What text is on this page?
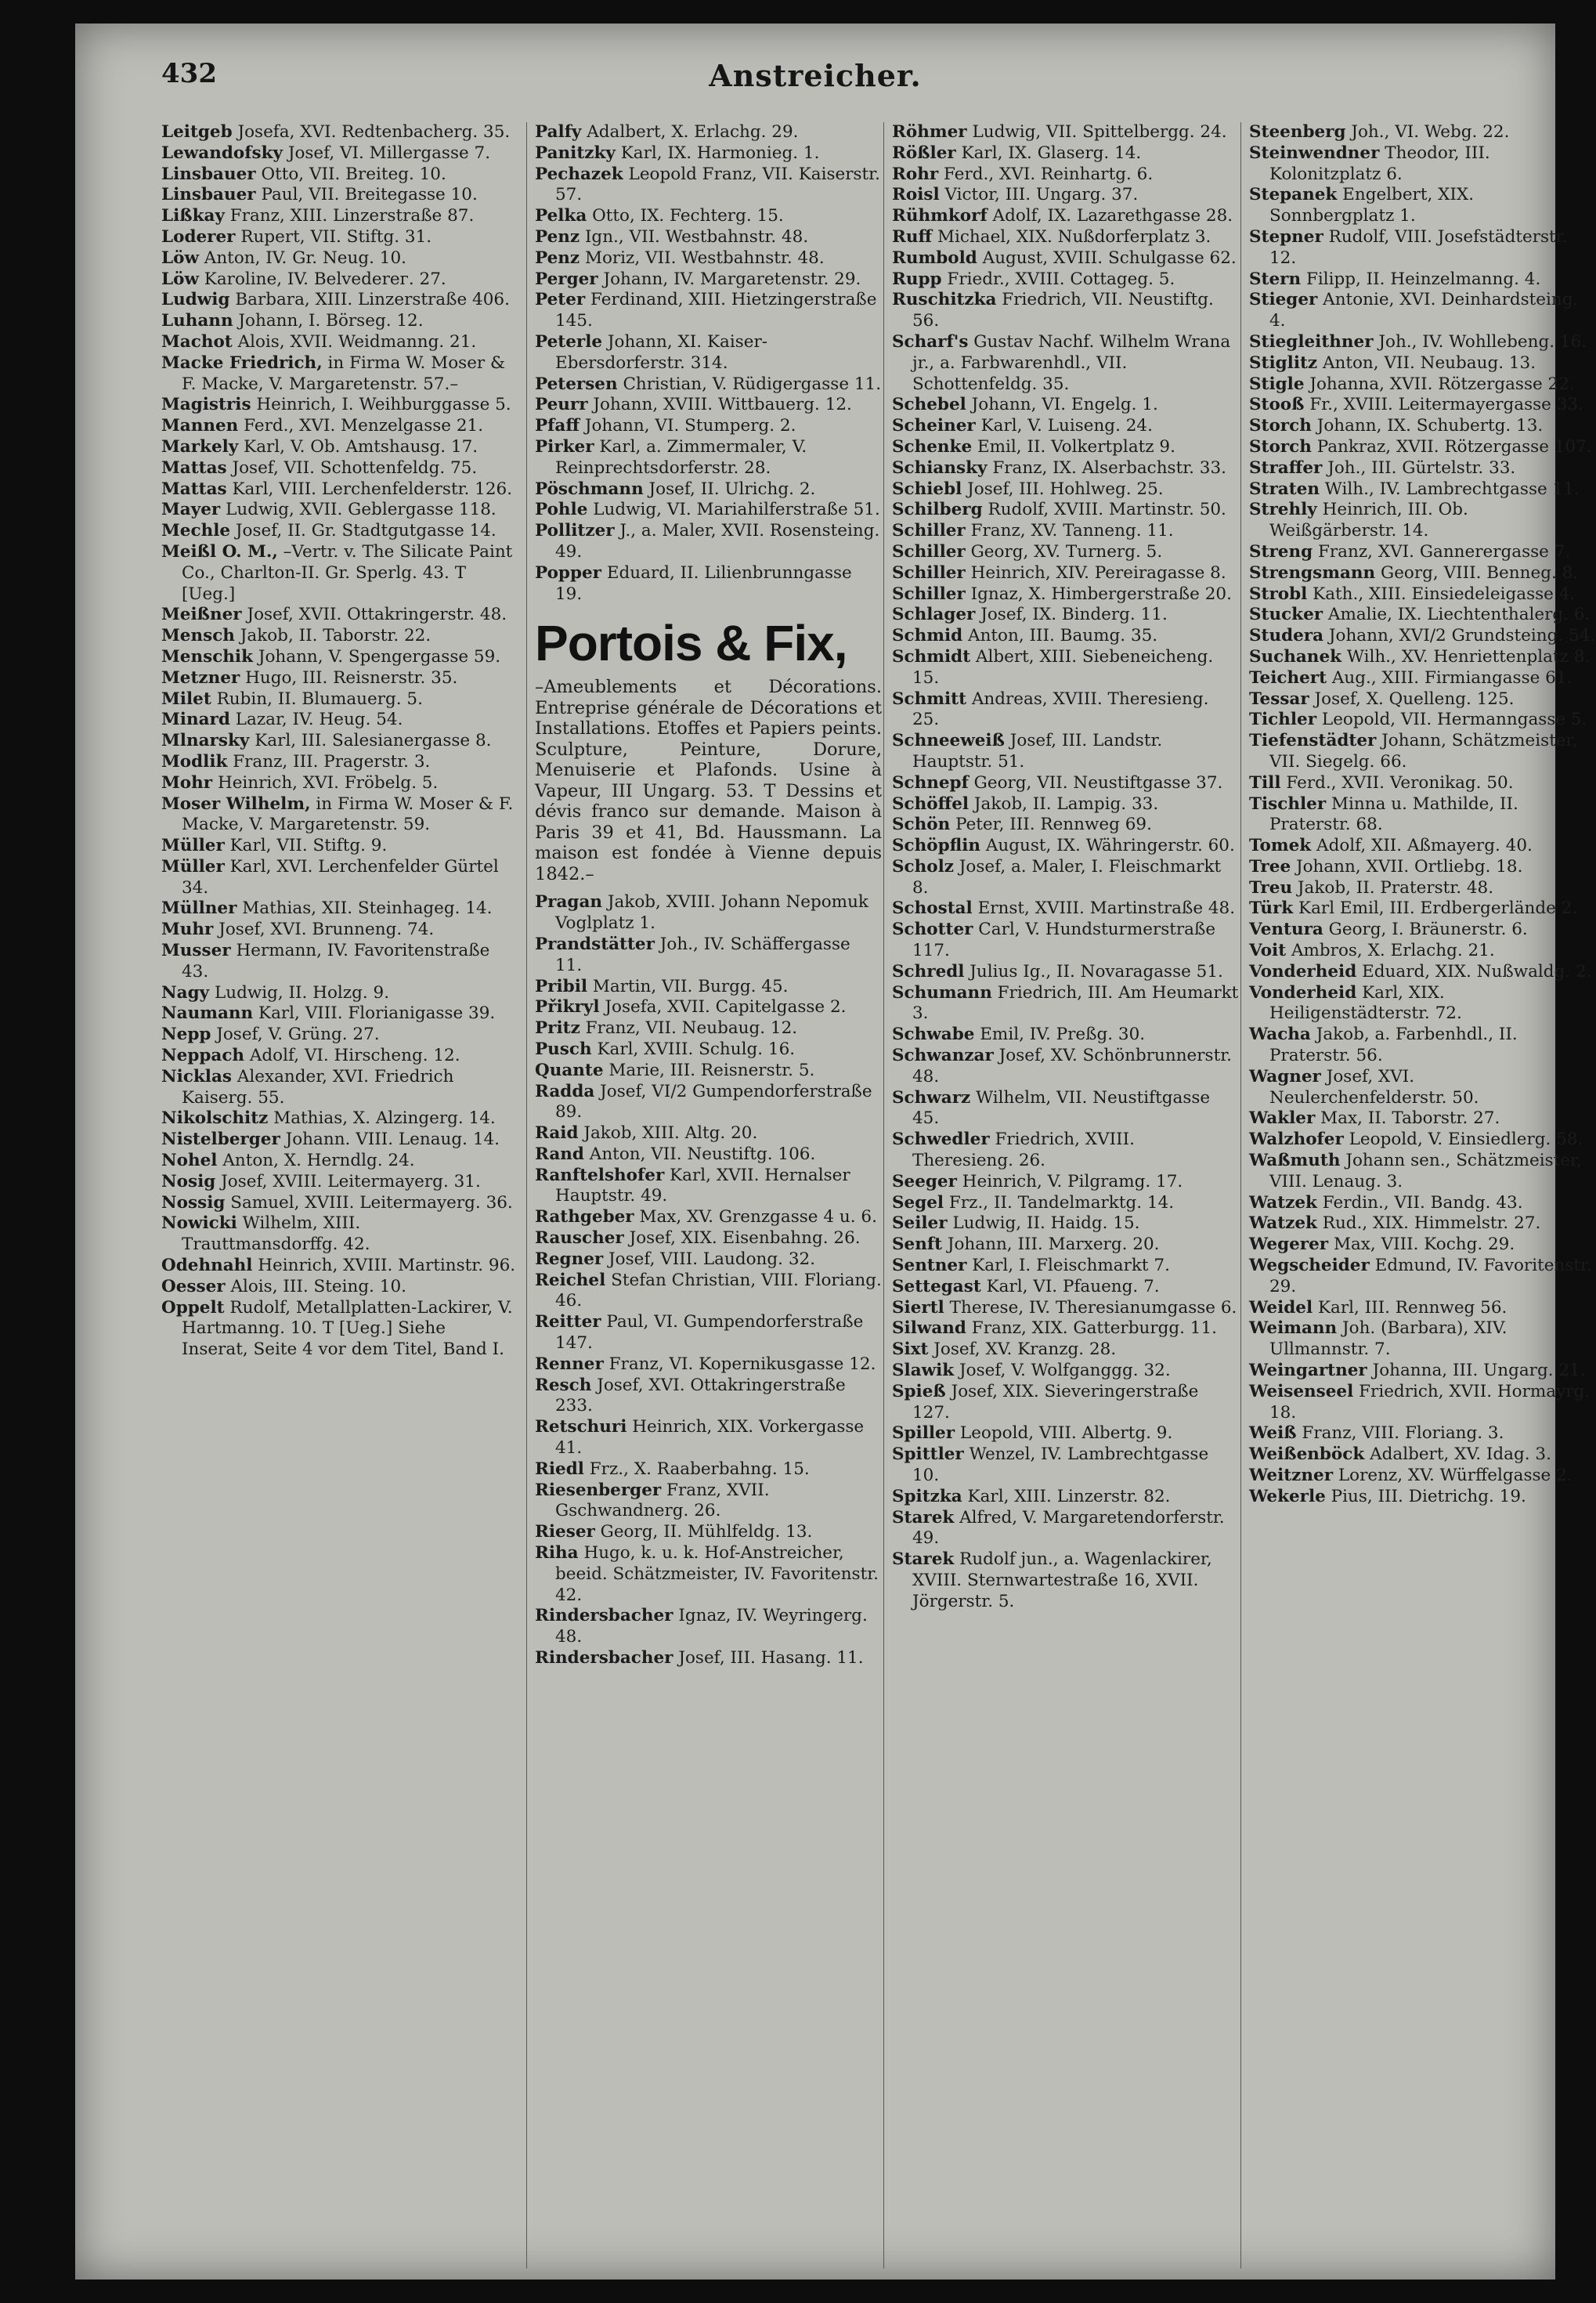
432	Anstreicher.
Leitgeb Josefa, XVI. Redtenbacherg. 35.
Lewandofsky Josef, VI. Millergasse 7.
Linsbauer Otto, VII. Breiteg. 10.
Linsbauer Paul, VII. Breitegasse 10.
Lißkay Franz, XIII. Linzerstraße 87.
Loderer Rupert, VII. Stiftg. 31.
Löw Anton, IV. Gr. Neug. 10.
Löw Karoline, IV. Belvederег. 27.
Ludwig Barbara, XIII. Linzerstraße 406.
Luhann Johann, I. Börseg. 12.
Machot Alois, XVII. Weidmanng. 21.
Macke Friedrich, in Firma W. Moser & F. Macke, V. Margaretenstr. 57.–
Magistris Heinrich, I. Weihburggasse 5.
Mannen Ferd., XVI. Menzelgasse 21.
Markely Karl, V. Ob. Amtshausg. 17.
Mattas Josef, VII. Schottenfeldg. 75.
Mattas Karl, VIII. Lerchenfelderstr. 126.
Mayer Ludwig, XVII. Geblergasse 118.
Mechle Josef, II. Gr. Stadtgutgasse 14.
Meißl O. M., –Vertr. v. The Silicate Paint Co., Charlton-II. Gr. Sperlg. 43. T [Ueg.]
Meißner Josef, XVII. Ottakringerstr. 48.
Mensch Jakob, II. Taborstr. 22.
Menschik Johann, V. Spengergasse 59.
Metzner Hugo, III. Reisnerstr. 35.
Milet Rubin, II. Blumauerg. 5.
Minard Lazar, IV. Heug. 54.
Mlnarsky Karl, III. Salesianergasse 8.
Modlik Franz, III. Pragerstr. 3.
Mohr Heinrich, XVI. Fröbelg. 5.
Moser Wilhelm, in Firma W. Moser & F. Macke, V. Margaretenstr. 59.
Müller Karl, VII. Stiftg. 9.
Müller Karl, XVI. Lerchenfelder Gürtel 34.
Müllner Mathias, XII. Steinhageg. 14.
Muhr Josef, XVI. Brunneng. 74.
Musser Hermann, IV. Favoritenstraße 43.
Nagy Ludwig, II. Holzg. 9.
Naumann Karl, VIII. Florianigasse 39.
Nepp Josef, V. Grüng. 27.
Neppach Adolf, VI. Hirscheng. 12.
Nicklas Alexander, XVI. Friedrich Kaiserg. 55.
Nikolschitz Mathias, X. Alzingerg. 14.
Nistelberger Johann. VIII. Lenaug. 14.
Nohel Anton, X. Herndlg. 24.
Nosig Josef, XVIII. Leitermayerg. 31.
Nossig Samuel, XVIII. Leitermayerg. 36.
Nowicki Wilhelm, XIII. Trauttmansdorffg. 42.
Odehnahl Heinrich, XVIII. Martinstr. 96.
Oesser Alois, III. Steing. 10.
Oppelt Rudolf, Metallplatten-Lackirer, V. Hartmanng. 10. T [Ueg.] Siehe Inserat, Seite 4 vor dem Titel, Band I.
Palfy Adalbert, X. Erlachg. 29.
Panitzky Karl, IX. Harmonieg. 1.
Pechazek Leopold Franz, VII. Kaiserstr. 57.
Pelka Otto, IX. Fechterg. 15.
Penz Ign., VII. Westbahnstr. 48.
Penz Moriz, VII. Westbahnstr. 48.
Perger Johann, IV. Margaretenstr. 29.
Peter Ferdinand, XIII. Hietzingerstraße 145.
Peterle Johann, XI. Kaiser-Ebersdorferstr. 314.
Petersen Christian, V. Rüdigergasse 11.
Peurr Johann, XVIII. Wittbauerg. 12.
Pfaff Johann, VI. Stumperg. 2.
Pirker Karl, a. Zimmermaler, V. Reinprechtsdorferstr. 28.
Pöschmann Josef, II. Ulrichg. 2.
Pohle Ludwig, VI. Mariahilferstraße 51.
Pollitzer J., a. Maler, XVII. Rosensteing. 49.
Popper Eduard, II. Lilienbrunngasse 19.
Portois & Fix,
–Ameublements et Décorations. Entreprise générale de Décorations et Installations. Etoffes et Papiers peints. Sculpture, Peinture, Dorure, Menuiserie et Plafonds. Usine à Vapeur, III Ungarg. 53. T Dessins et dévis franco sur demande. Maison à Paris 39 et 41, Bd. Haussmann. La maison est fondée à Vienne depuis 1842.–
Pragan Jakob, XVIII. Johann Nepomuk Voglplatz 1.
Prandstätter Joh., IV. Schäffergasse 11.
Pribil Martin, VII. Burgg. 45.
Přikryl Josefa, XVII. Capitelgasse 2.
Pritz Franz, VII. Neubaug. 12.
Pusch Karl, XVIII. Schulg. 16.
Quante Marie, III. Reisnerstr. 5.
Radda Josef, VI/2 Gumpendorferstraße 89.
Raid Jakob, XIII. Altg. 20.
Rand Anton, VII. Neustiftg. 106.
Ranftelshofer Karl, XVII. Hernalser Hauptstr. 49.
Rathgeber Max, XV. Grenzgasse 4 u. 6.
Rauscher Josef, XIX. Eisenbahng. 26.
Regner Josef, VIII. Laudong. 32.
Reichel Stefan Christian, VIII. Floriang. 46.
Reitter Paul, VI. Gumpendorferstraße 147.
Renner Franz, VI. Kopernikusgasse 12.
Resch Josef, XVI. Ottakringerstraße 233.
Retschuri Heinrich, XIX. Vorkergasse 41.
Riedl Frz., X. Raaberbahng. 15.
Riesenberger Franz, XVII. Gschwandnerg. 26.
Rieser Georg, II. Mühlfeldg. 13.
Riha Hugo, k. u. k. Hof-Anstreicher, beeid. Schätzmeister, IV. Favoritenstr. 42.
Rindersbacher Ignaz, IV. Weyringerg. 48.
Rindersbacher Josef, III. Hasang. 11.
Röhmer Ludwig, VII. Spittelbergg. 24.
Rößler Karl, IX. Glaserg. 14.
Rohr Ferd., XVI. Reinhartg. 6.
Roisl Victor, III. Ungarg. 37.
Rühmkorf Adolf, IX. Lazarethgasse 28.
Ruff Michael, XIX. Nußdorferplatz 3.
Rumbold August, XVIII. Schulgasse 62.
Rupp Friedr., XVIII. Cottageg. 5.
Ruschitzka Friedrich, VII. Neustiftg. 56.
Scharf's Gustav Nachf. Wilhelm Wrana jr., a. Farbwarenhdl., VII. Schottenfeldg. 35.
Schebel Johann, VI. Engelg. 1.
Scheiner Karl, V. Luiseng. 24.
Schenke Emil, II. Volkertplatz 9.
Schiansky Franz, IX. Alserbachstr. 33.
Schiebl Josef, III. Hohlweg. 25.
Schilberg Rudolf, XVIII. Martinstr. 50.
Schiller Franz, XV. Tanneng. 11.
Schiller Georg, XV. Turnerg. 5.
Schiller Heinrich, XIV. Pereiragasse 8.
Schiller Ignaz, X. Himbergerstraße 20.
Schlager Josef, IX. Binderg. 11.
Schmid Anton, III. Baumg. 35.
Schmidt Albert, XIII. Siebeneicheng. 15.
Schmitt Andreas, XVIII. Theresieng. 25.
Schneeweiß Josef, III. Landstr. Hauptstr. 51.
Schnepf Georg, VII. Neustiftgasse 37.
Schöffel Jakob, II. Lampig. 33.
Schön Peter, III. Rennweg 69.
Schöpflin August, IX. Währingerstr. 60.
Scholz Josef, a. Maler, I. Fleischmarkt 8.
Schostal Ernst, XVIII. Martinstraße 48.
Schotter Carl, V. Hundsturmerstraße 117.
Schredl Julius Ig., II. Novaragasse 51.
Schumann Friedrich, III. Am Heumarkt 3.
Schwabe Emil, IV. Preßg. 30.
Schwanzar Josef, XV. Schönbrunnerstr. 48.
Schwarz Wilhelm, VII. Neustiftgasse 45.
Schwedler Friedrich, XVIII. Theresieng. 26.
Seeger Heinrich, V. Pilgramg. 17.
Segel Frz., II. Tandelmarktg. 14.
Seiler Ludwig, II. Haidg. 15.
Senft Johann, III. Marxerg. 20.
Sentner Karl, I. Fleischmarkt 7.
Settegast Karl, VI. Pfaueng. 7.
Siertl Therese, IV. Theresianumgasse 6.
Silwand Franz, XIX. Gatterburgg. 11.
Sixt Josef, XV. Kranzg. 28.
Slawik Josef, V. Wolfganggg. 32.
Spieß Josef, XIX. Sieveringerstraße 127.
Spiller Leopold, VIII. Albertg. 9.
Spittler Wenzel, IV. Lambrechtgasse 10.
Spitzka Karl, XIII. Linzerstr. 82.
Starek Alfred, V. Margaretendorferstr. 49.
Starek Rudolf jun., a. Wagenlackirer, XVIII. Sternwartestraße 16, XVII. Jörgerstr. 5.
Steenberg Joh., VI. Webg. 22.
Steinwendner Theodor, III. Kolonitzplatz 6.
Stepanek Engelbert, XIX. Sonnbergplatz 1.
Stepner Rudolf, VIII. Josefstädterstr. 12.
Stern Filipp, II. Heinzelmanng. 4.
Stieger Antonie, XVI. Deinhardsteing. 4.
Stiegleithner Joh., IV. Wohllebeng. 16.
Stiglitz Anton, VII. Neubaug. 13.
Stigle Johanna, XVII. Rötzergasse 22.
Stooß Fr., XVIII. Leitermayergasse 33.
Storch Johann, IX. Schubertg. 13.
Storch Pankraz, XVII. Rötzergasse 107.
Straffer Joh., III. Gürtelstr. 33.
Straten Wilh., IV. Lambrechtgasse 11.
Strehly Heinrich, III. Ob. Weißgärberstr. 14.
Streng Franz, XVI. Gannerergasse 7.
Strengsmann Georg, VIII. Benneg. 8.
Strobl Kath., XIII. Einsiedeleigasse 4.
Stucker Amalie, IX. Liechtenthalerg. 6.
Studera Johann, XVI/2 Grundsteing. 54.
Suchanek Wilh., XV. Henriettenplatz 8.
Teichert Aug., XIII. Firmiangasse 61.
Tessar Josef, X. Quelleng. 125.
Tichler Leopold, VII. Hermanngasse 5.
Tiefenstädter Johann, Schätzmeister, VII. Siegelg. 66.
Till Ferd., XVII. Veronikag. 50.
Tischler Minna u. Mathilde, II. Praterstr. 68.
Tomek Adolf, XII. Aßmayerg. 40.
Tree Johann, XVII. Ortliebg. 18.
Treu Jakob, II. Praterstr. 48.
Türk Karl Emil, III. Erdbergerlände 2.
Ventura Georg, I. Bräunerstr. 6.
Voit Ambros, X. Erlachg. 21.
Vonderheid Eduard, XIX. Nußwaldg. 2.
Vonderheid Karl, XIX. Heiligenstädterstr. 72.
Wacha Jakob, a. Farbenhdl., II. Praterstr. 56.
Wagner Josef, XVI. Neulerchenfelderstr. 50.
Wakler Max, II. Taborstr. 27.
Walzhofer Leopold, V. Einsiedlerg. 58.
Waßmuth Johann sen., Schätzmeister, VIII. Lenaug. 3.
Watzek Ferdin., VII. Bandg. 43.
Watzek Rud., XIX. Himmelstr. 27.
Wegerer Max, VIII. Kochg. 29.
Wegscheider Edmund, IV. Favoritenstr. 29.
Weidel Karl, III. Rennweg 56.
Weimann Joh. (Barbara), XIV. Ullmannstr. 7.
Weingartner Johanna, III. Ungarg. 21.
Weisenseel Friedrich, XVII. Hormayrg. 18.
Weiß Franz, VIII. Floriang. 3.
Weißenböck Adalbert, XV. Idag. 3.
Weitzner Lorenz, XV. Würffelgasse 2.
Wekerle Pius, III. Dietrichg. 19.
